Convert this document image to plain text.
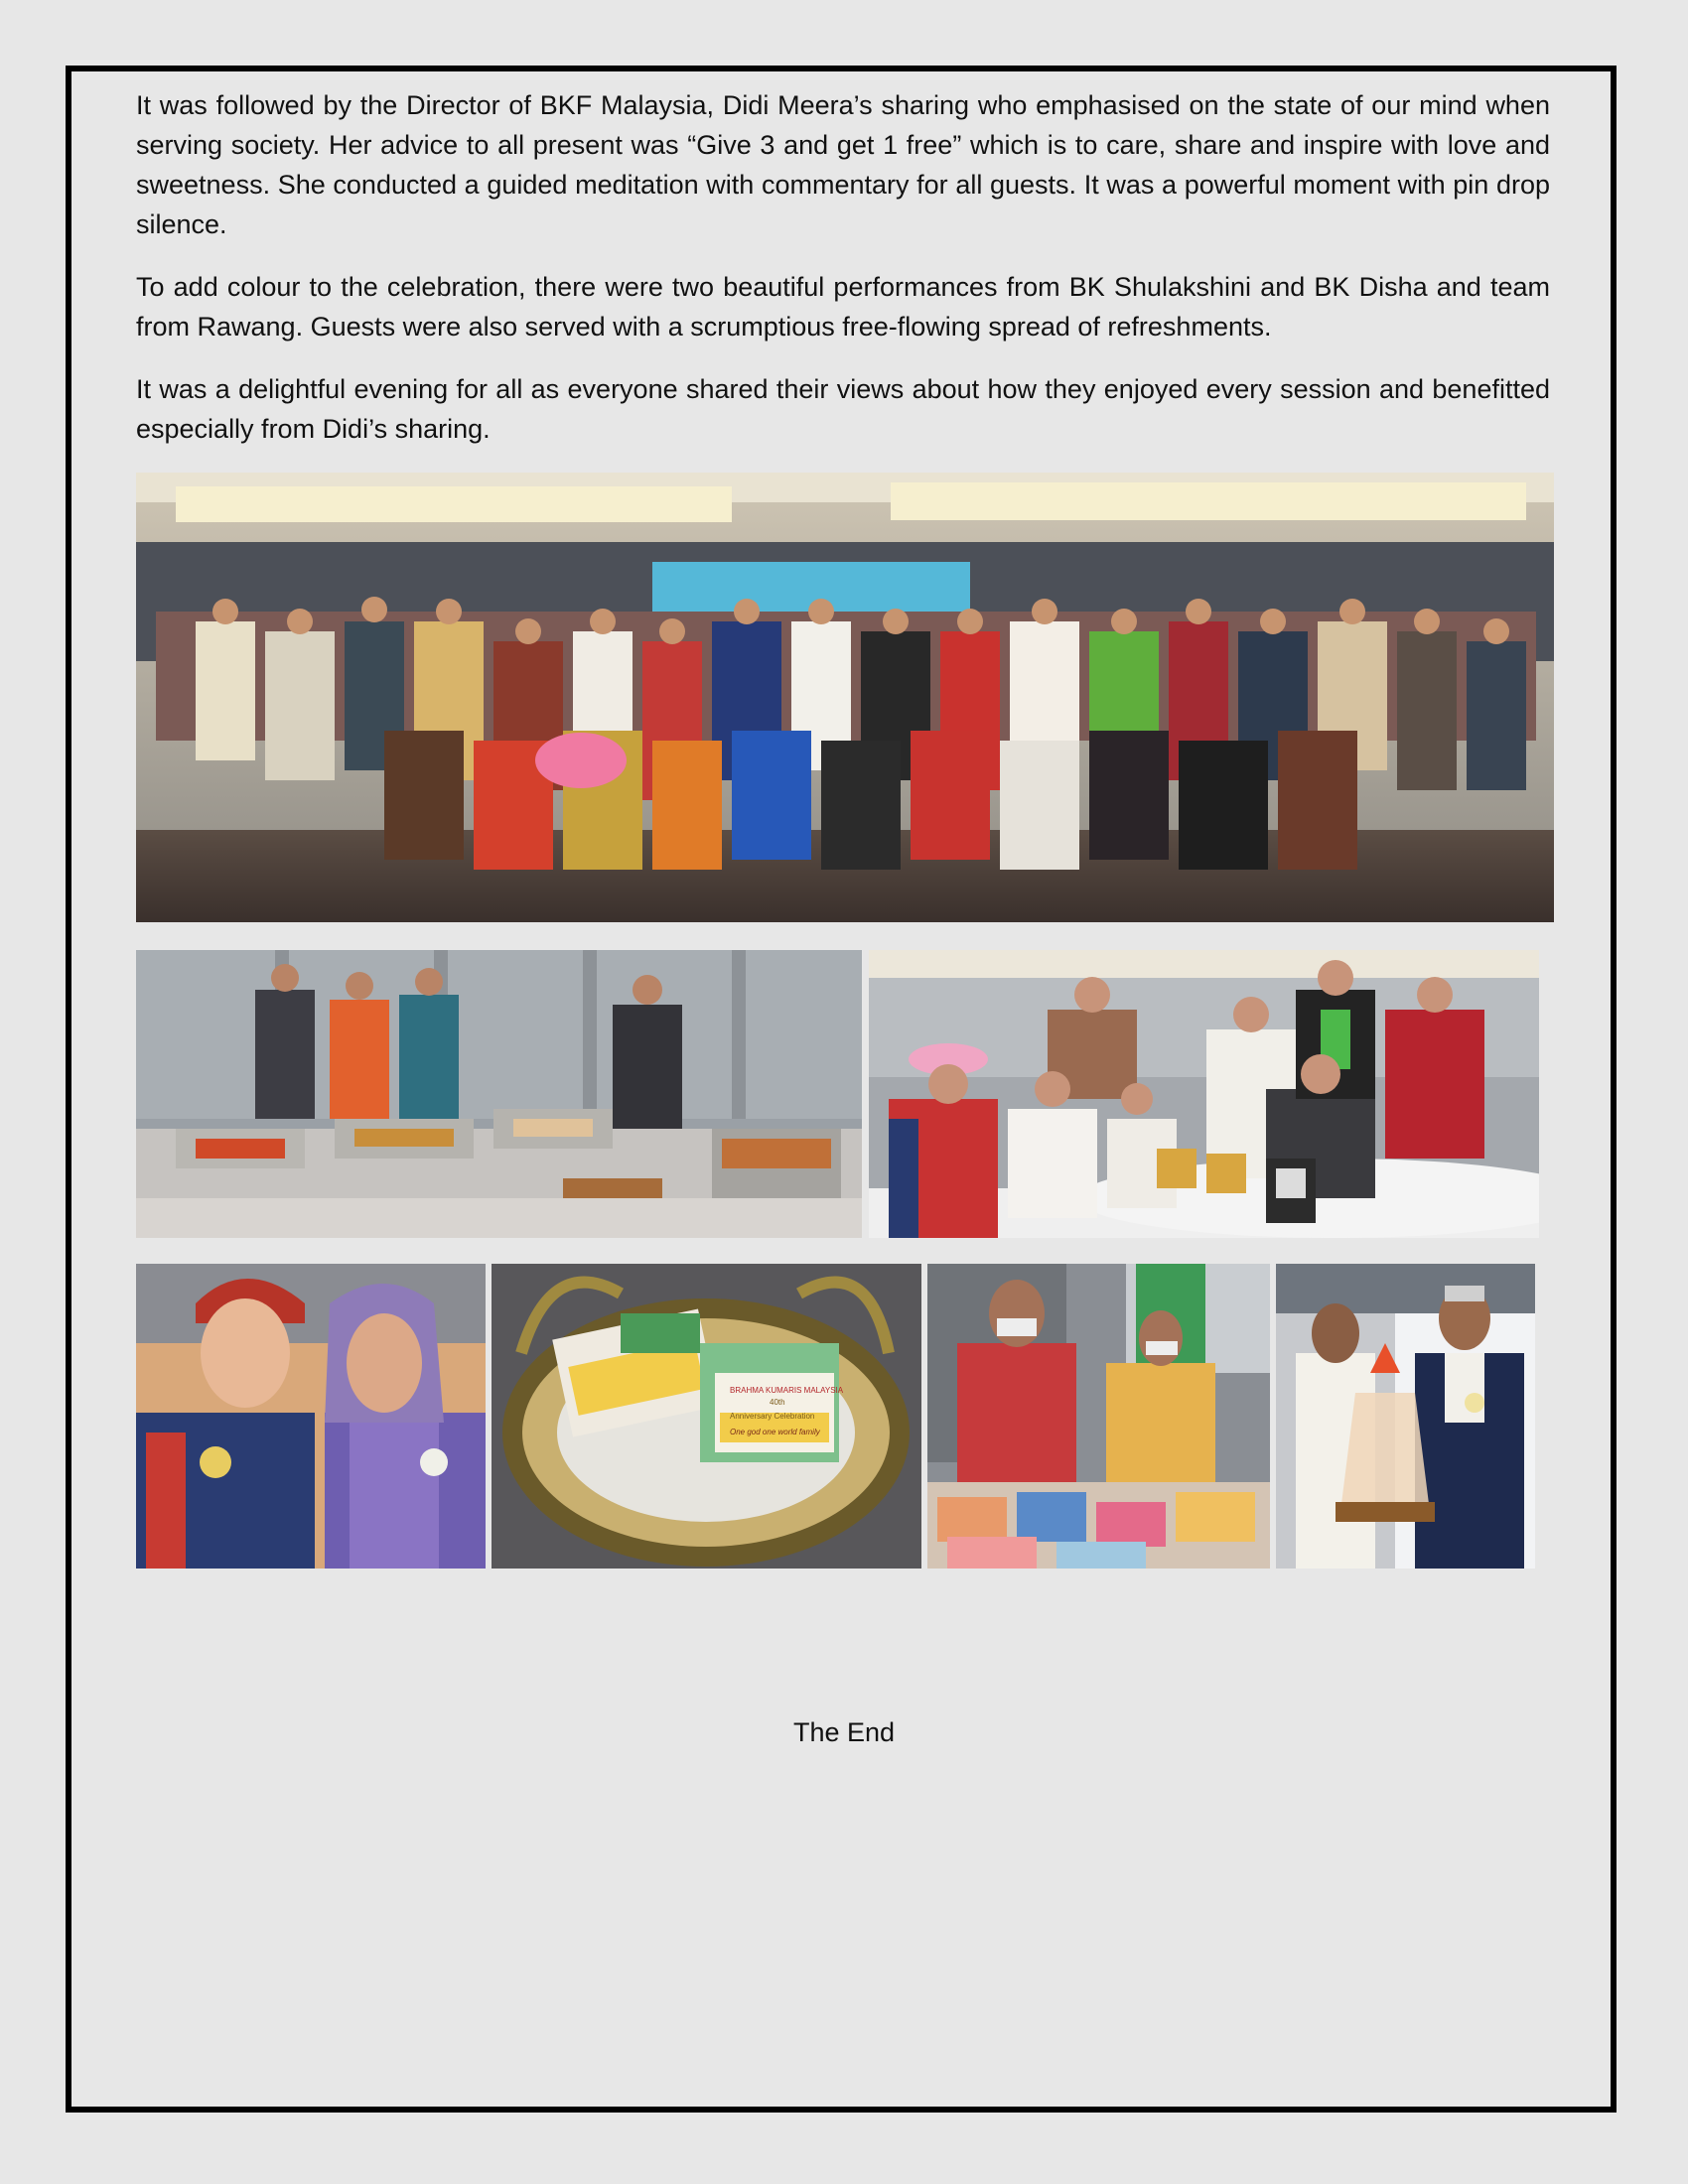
It was followed by the Director of BKF Malaysia, Didi Meera’s sharing who emphasised on the state of our mind when serving society. Her advice to all present was “Give 3 and get 1 free” which is to care, share and inspire with love and sweetness. She conducted a guided meditation with commentary for all guests. It was a powerful moment with pin drop silence.

To add colour to the celebration, there were two beautiful performances from BK Shulakshini and BK Disha and team from Rawang. Guests were also served with a scrumptious free-flowing spread of refreshments.

It was a delightful evening for all as everyone shared their views about how they enjoyed every session and benefitted especially from Didi’s sharing.

BRAHMA KUMARIS MALAYSIA
40th
Anniversary Celebration
One god one world family
The End
